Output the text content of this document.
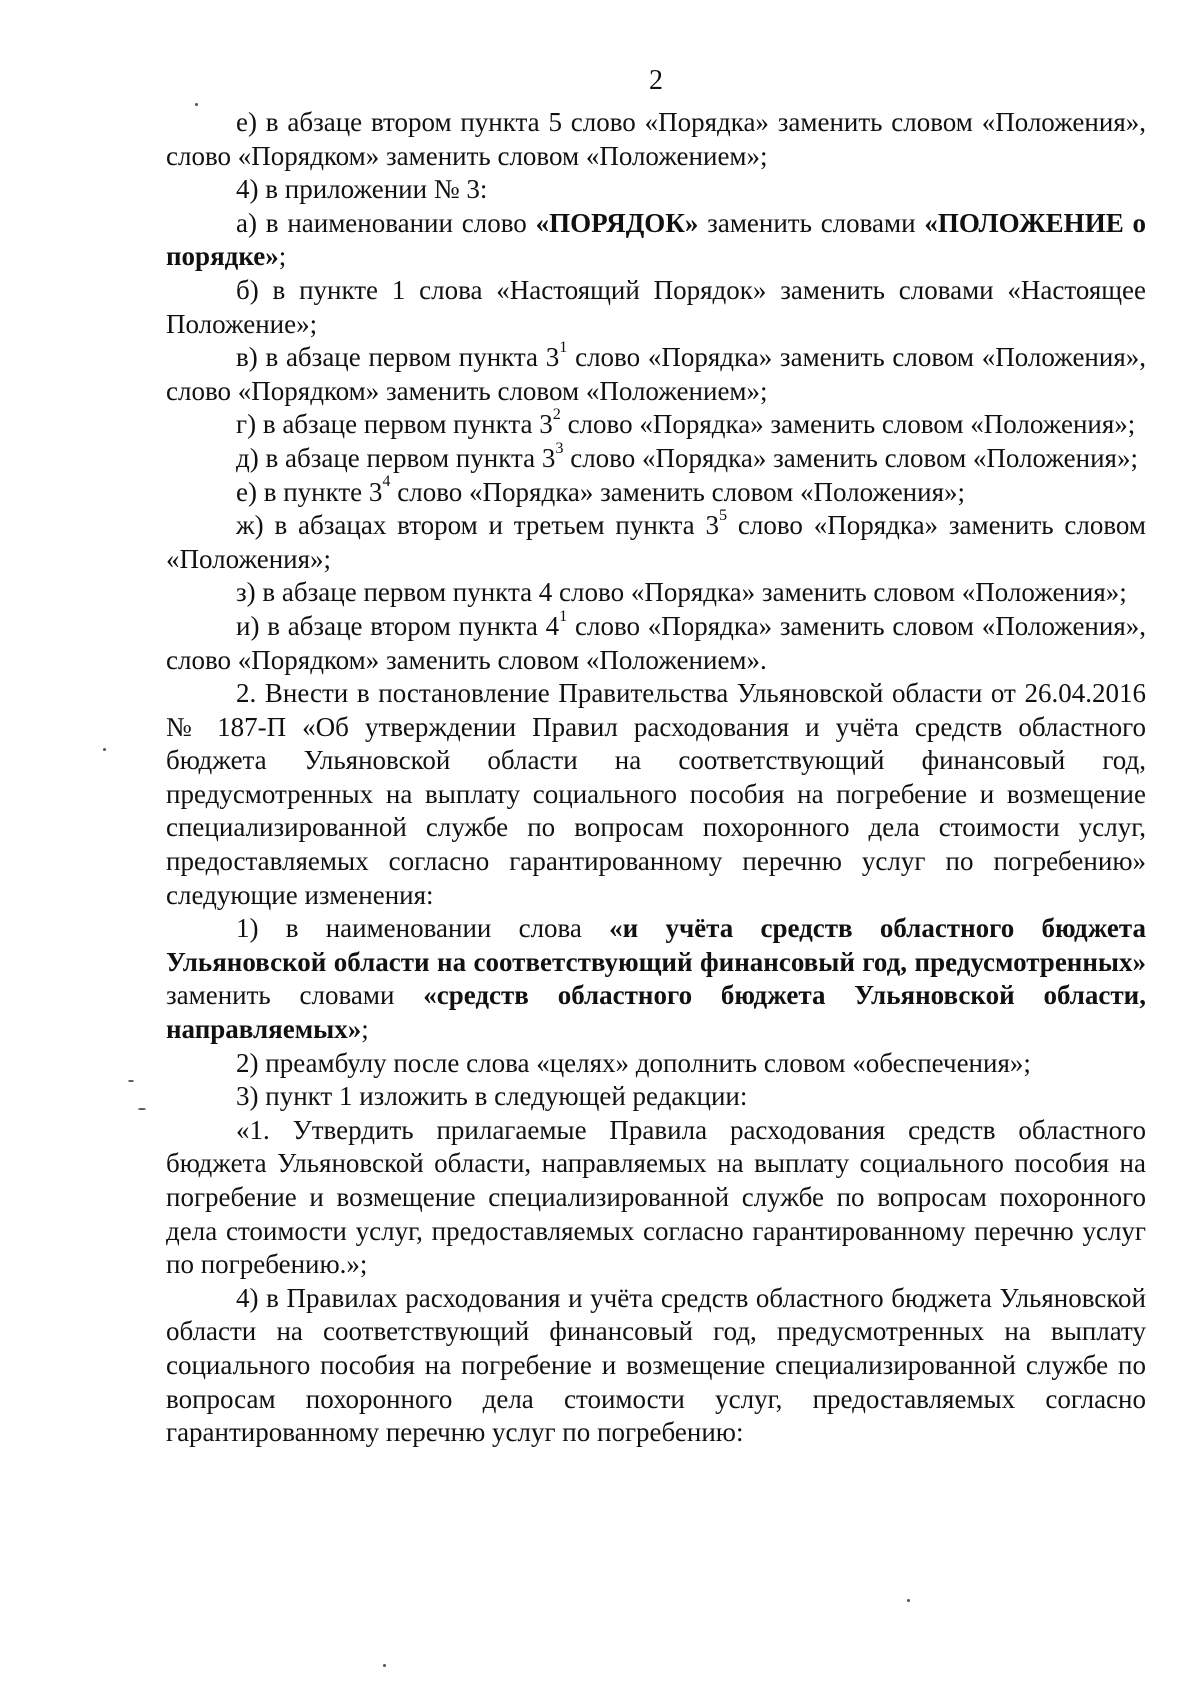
2

е) в абзаце втором пункта 5 слово «Порядка» заменить словом «Положения», слово «Порядком» заменить словом «Положением»;

4) в приложении № 3:

а) в наименовании слово «ПОРЯДОК» заменить словами «ПОЛОЖЕНИЕ о порядке»;

б) в пункте 1 слова «Настоящий Порядок» заменить словами «Настоящее Положение»;

в) в абзаце первом пункта $3^1$ слово «Порядка» заменить словом «Положения», слово «Порядком» заменить словом «Положением»;

г) в абзаце первом пункта $3^2$ слово «Порядка» заменить словом «Положения»;

д) в абзаце первом пункта $3^3$ слово «Порядка» заменить словом «Положения»;

е) в пункте $3^4$ слово «Порядка» заменить словом «Положения»;

ж) в абзацах втором и третьем пункта $3^5$ слово «Порядка» заменить словом «Положения»;

з) в абзаце первом пункта 4 слово «Порядка» заменить словом «Положения»;

и) в абзаце втором пункта $4^1$ слово «Порядка» заменить словом «Положения», слово «Порядком» заменить словом «Положением».

2. Внести в постановление Правительства Ульяновской области от 26.04.2016 № 187-П «Об утверждении Правил расходования и учёта средств областного бюджета Ульяновской области на соответствующий финансовый год, предусмотренных на выплату социального пособия на погребение и возмещение специализированной службе по вопросам похоронного дела стоимости услуг, предоставляемых согласно гарантированному перечню услуг по погребению» следующие изменения:

1) в наименовании слова «и учёта средств областного бюджета Ульяновской области на соответствующий финансовый год, предусмотренных» заменить словами «средств областного бюджета Ульяновской области, направляемых»;

2) преамбулу после слова «целях» дополнить словом «обеспечения»;

3) пункт 1 изложить в следующей редакции:

«1. Утвердить прилагаемые Правила расходования средств областного бюджета Ульяновской области, направляемых на выплату социального пособия на погребение и возмещение специализированной службе по вопросам похоронного дела стоимости услуг, предоставляемых согласно гарантированному перечню услуг по погребению.»;

4) в Правилах расходования и учёта средств областного бюджета Ульяновской области на соответствующий финансовый год, предусмотренных на выплату социального пособия на погребение и возмещение специализированной службе по вопросам похоронного дела стоимости услуг, предоставляемых согласно гарантированному перечню услуг по погребению:
